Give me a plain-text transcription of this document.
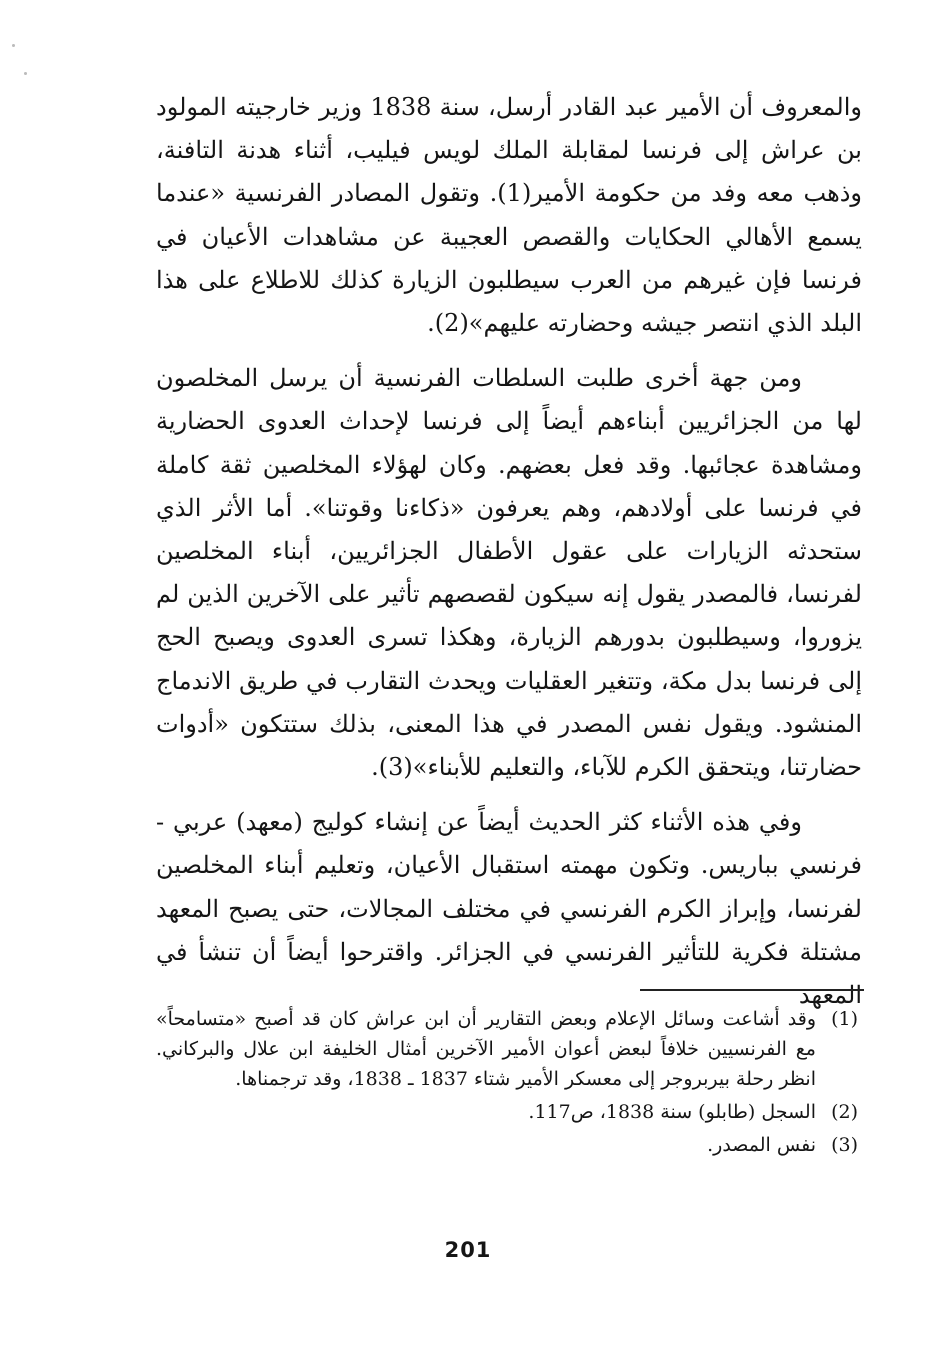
والمعروف أن الأمير عبد القادر أرسل، سنة 1838 وزير خارجيته المولود بن عراش إلى فرنسا لمقابلة الملك لويس فيليب، أثناء هدنة التافنة، وذهب معه وفد من حكومة الأمير(1). وتقول المصادر الفرنسية «عندما يسمع الأهالي الحكايات والقصص العجيبة عن مشاهدات الأعيان في فرنسا فإن غيرهم من العرب سيطلبون الزيارة كذلك للاطلاع على هذا البلد الذي انتصر جيشه وحضارته عليهم»(2).

ومن جهة أخرى طلبت السلطات الفرنسية أن يرسل المخلصون لها من الجزائريين أبناءهم أيضاً إلى فرنسا لإحداث العدوى الحضارية ومشاهدة عجائبها. وقد فعل بعضهم. وكان لهؤلاء المخلصين ثقة كاملة في فرنسا على أولادهم، وهم يعرفون «ذكاءنا وقوتنا». أما الأثر الذي ستحدثه الزيارات على عقول الأطفال الجزائريين، أبناء المخلصين لفرنسا، فالمصدر يقول إنه سيكون لقصصهم تأثير على الآخرين الذين لم يزوروا، وسيطلبون بدورهم الزيارة، وهكذا تسرى العدوى ويصبح الحج إلى فرنسا بدل مكة، وتتغير العقليات ويحدث التقارب في طريق الاندماج المنشود. ويقول نفس المصدر في هذا المعنى، بذلك ستتكون «أدوات حضارتنا، ويتحقق الكرم للآباء، والتعليم للأبناء»(3).

وفي هذه الأثناء كثر الحديث أيضاً عن إنشاء كوليج (معهد) عربي - فرنسي بباريس. وتكون مهمته استقبال الأعيان، وتعليم أبناء المخلصين لفرنسا، وإبراز الكرم الفرنسي في مختلف المجالات، حتى يصبح المعهد مشتلة فكرية للتأثير الفرنسي في الجزائر. واقترحوا أيضاً أن تنشأ في المعهد

(1)
وقد أشاعت وسائل الإعلام وبعض التقارير أن ابن عراش كان قد أصبح «متسامحاً» مع الفرنسيين خلافاً لبعض أعوان الأمير الآخرين أمثال الخليفة ابن علال والبركاني. انظر رحلة بيربروجر إلى معسكر الأمير شتاء 1837 ـ 1838، وقد ترجمناها.
(2)
السجل (طابلو) سنة 1838، ص117.
(3)
نفس المصدر.
201
